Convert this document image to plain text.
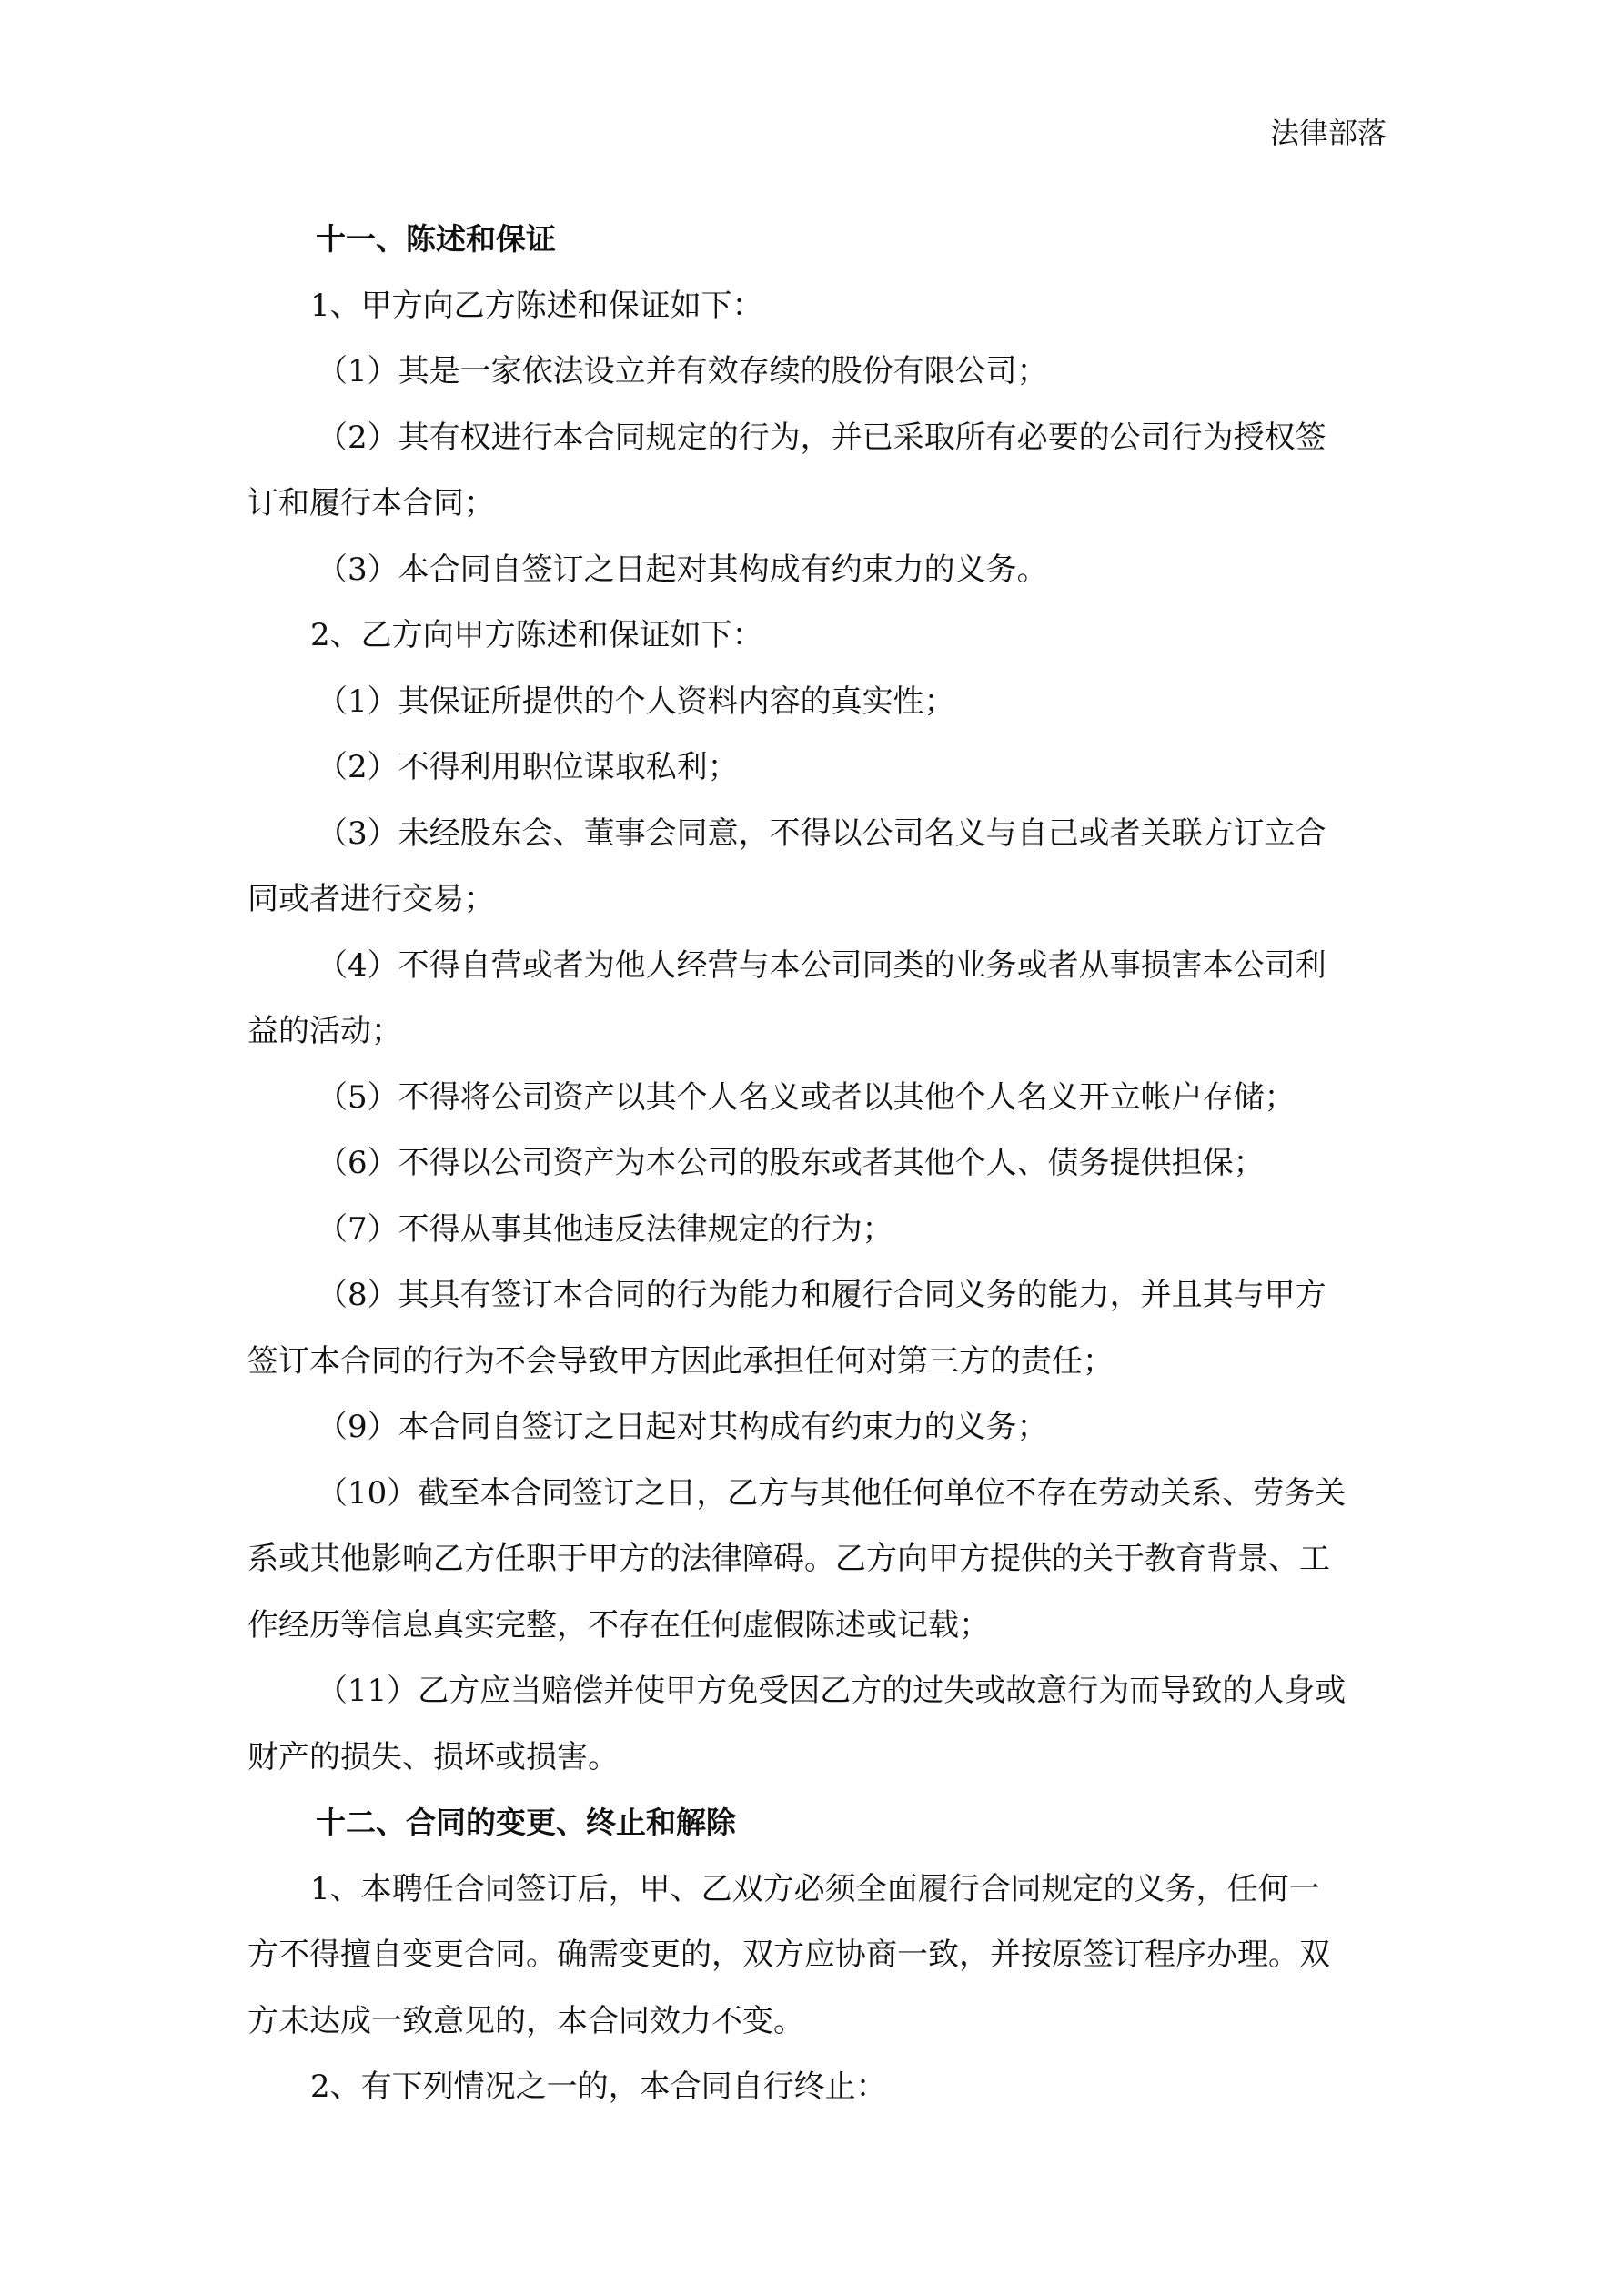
法律部落
十一、陈述和保证
1、甲方向乙方陈述和保证如下：
（1）其是一家依法设立并有效存续的股份有限公司；
（2）其有权进行本合同规定的行为，并已采取所有必要的公司行为授权签
订和履行本合同；
（3）本合同自签订之日起对其构成有约束力的义务。
2、乙方向甲方陈述和保证如下：
（1）其保证所提供的个人资料内容的真实性；
（2）不得利用职位谋取私利；
（3）未经股东会、董事会同意，不得以公司名义与自己或者关联方订立合
同或者进行交易；
（4）不得自营或者为他人经营与本公司同类的业务或者从事损害本公司利
益的活动；
（5）不得将公司资产以其个人名义或者以其他个人名义开立帐户存储；
（6）不得以公司资产为本公司的股东或者其他个人、债务提供担保；
（7）不得从事其他违反法律规定的行为；
（8）其具有签订本合同的行为能力和履行合同义务的能力，并且其与甲方
签订本合同的行为不会导致甲方因此承担任何对第三方的责任；
（9）本合同自签订之日起对其构成有约束力的义务；
（10）截至本合同签订之日，乙方与其他任何单位不存在劳动关系、劳务关
系或其他影响乙方任职于甲方的法律障碍。乙方向甲方提供的关于教育背景、工
作经历等信息真实完整，不存在任何虚假陈述或记载；
（11）乙方应当赔偿并使甲方免受因乙方的过失或故意行为而导致的人身或
财产的损失、损坏或损害。
十二、合同的变更、终止和解除
1、本聘任合同签订后，甲、乙双方必须全面履行合同规定的义务，任何一
方不得擅自变更合同。确需变更的，双方应协商一致，并按原签订程序办理。双
方未达成一致意见的，本合同效力不变。
2、有下列情况之一的，本合同自行终止：
